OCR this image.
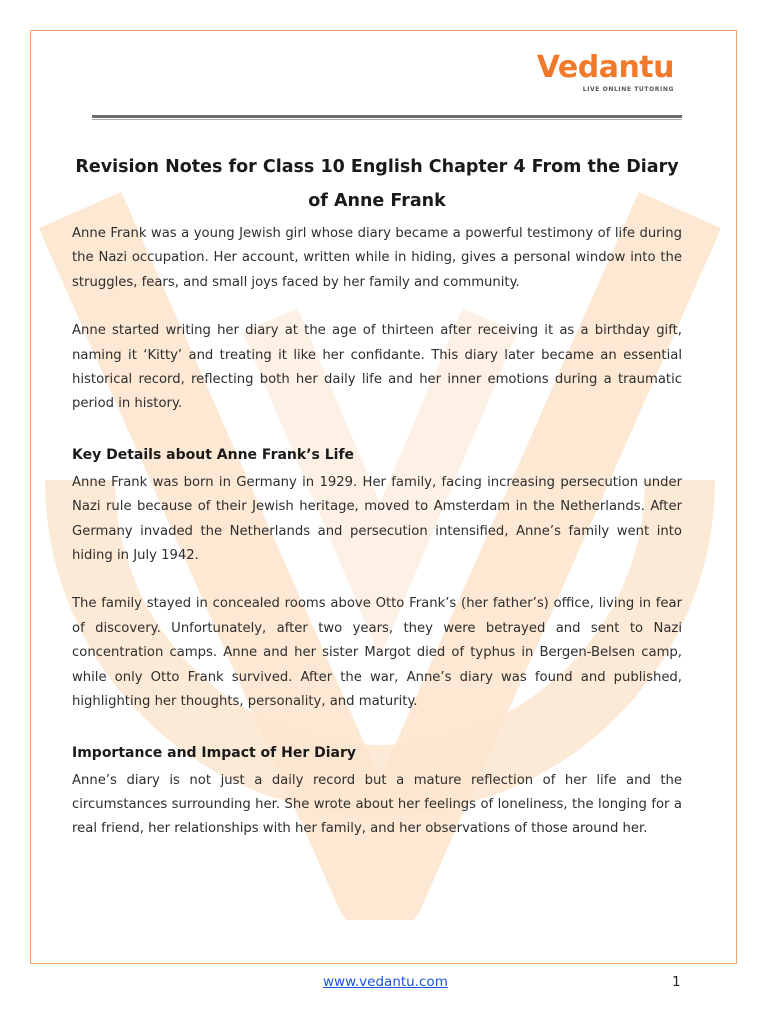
Vedantu
LIVE ONLINE TUTORING
Revision Notes for Class 10 English Chapter 4 From the Diary of Anne Frank

Anne Frank was a young Jewish girl whose diary became a powerful testimony of life during the Nazi occupation. Her account, written while in hiding, gives a personal window into the struggles, fears, and small joys faced by her family and community.

Anne started writing her diary at the age of thirteen after receiving it as a birthday gift, naming it ‘Kitty’ and treating it like her confidante. This diary later became an essential historical record, reflecting both her daily life and her inner emotions during a traumatic period in history.

Key Details about Anne Frank’s Life

Anne Frank was born in Germany in 1929. Her family, facing increasing persecution under Nazi rule because of their Jewish heritage, moved to Amsterdam in the Netherlands. After Germany invaded the Netherlands and persecution intensified, Anne’s family went into hiding in July 1942.

The family stayed in concealed rooms above Otto Frank’s (her father’s) office, living in fear of discovery. Unfortunately, after two years, they were betrayed and sent to Nazi concentration camps. Anne and her sister Margot died of typhus in Bergen-Belsen camp, while only Otto Frank survived. After the war, Anne’s diary was found and published, highlighting her thoughts, personality, and maturity.

Importance and Impact of Her Diary

Anne’s diary is not just a daily record but a mature reflection of her life and the circumstances surrounding her. She wrote about her feelings of loneliness, the longing for a real friend, her relationships with her family, and her observations of those around her.

www.vedantu.com	1
